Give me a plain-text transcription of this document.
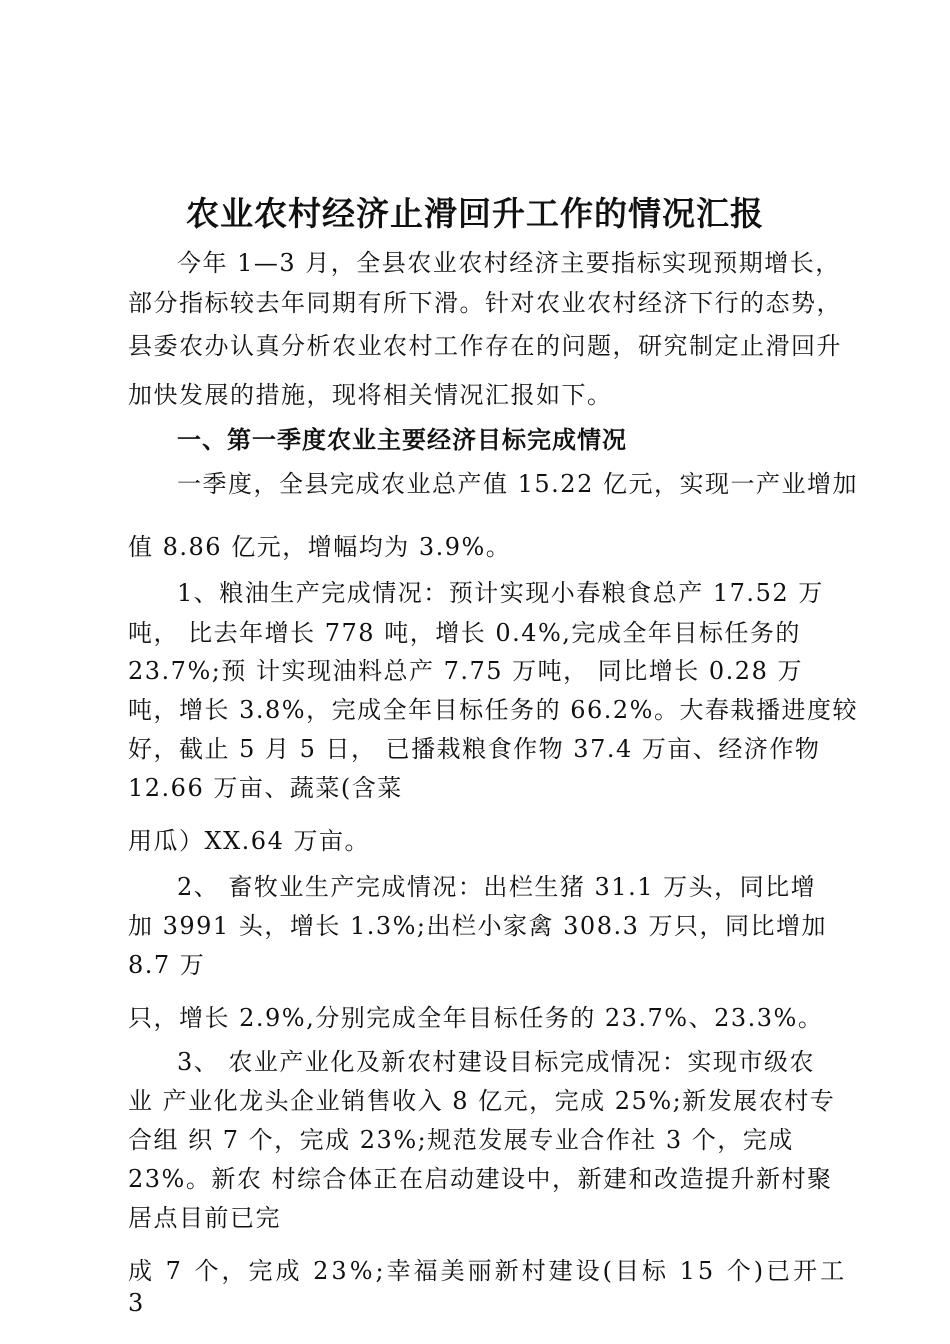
农业农村经济止滑回升工作的情况汇报
今年 1—3 月，全县农业农村经济主要指标实现预期增长，
部分指标较去年同期有所下滑。针对农业农村经济下行的态势，
县委农办认真分析农业农村工作存在的问题，研究制定止滑回升
加快发展的措施，现将相关情况汇报如下。
一、第一季度农业主要经济目标完成情况
一季度，全县完成农业总产值 15.22 亿元，实现一产业增加
值 8.86 亿元，增幅均为 3.9%。
1、粮油生产完成情况：预计实现小春粮食总产 17.52 万
吨， 比去年增长 778 吨，增长 0.4%,完成全年目标任务的
23.7%;预 计实现油料总产 7.75 万吨， 同比增长 0.28 万
吨，增长 3.8%，完成全年目标任务的 66.2%。大春栽播进度较
好，截止 5 月 5 日， 已播栽粮食作物 37.4 万亩、经济作物
12.66 万亩、蔬菜(含菜
用瓜）XX.64 万亩。
2、 畜牧业生产完成情况：出栏生猪 31.1 万头，同比增
加 3991 头，增长 1.3%;出栏小家禽 308.3 万只，同比增加
8.7 万
只，增长 2.9%,分别完成全年目标任务的 23.7%、23.3%。
3、 农业产业化及新农村建设目标完成情况：实现市级农
业 产业化龙头企业销售收入 8 亿元，完成 25%;新发展农村专
合组 织 7 个，完成 23%;规范发展专业合作社 3 个，完成
23%。新农 村综合体正在启动建设中，新建和改造提升新村聚
居点目前已完
成 7 个，完成 23%;幸福美丽新村建设(目标 15 个)已开工
3
